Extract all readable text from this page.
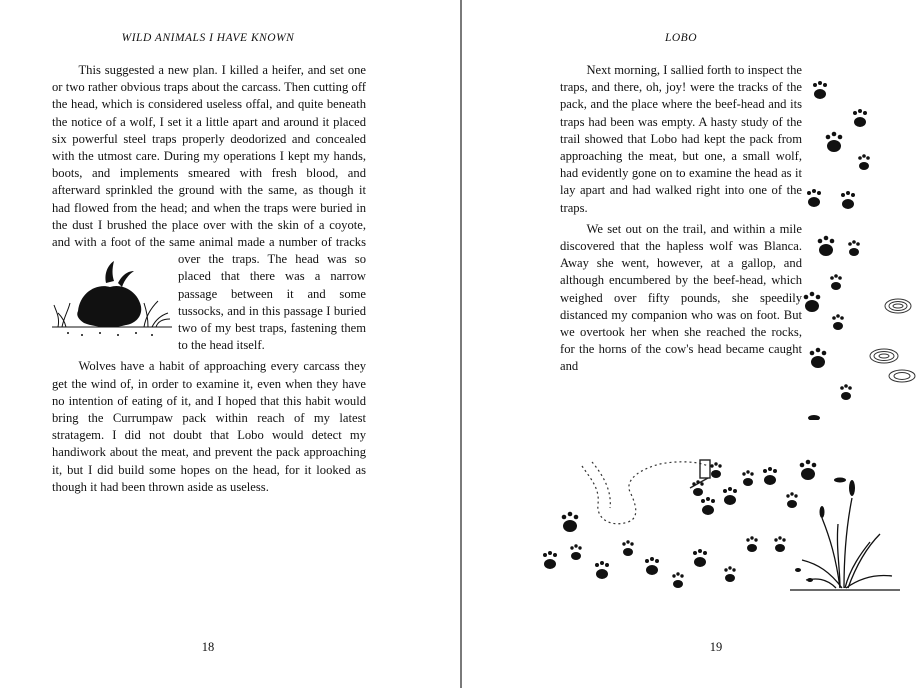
WILD ANIMALS I HAVE KNOWN

This suggested a new plan. I killed a heifer, and set one or two rather obvious traps about the carcass. Then cutting off the head, which is considered useless offal, and quite beneath the notice of a wolf, I set it a little apart and around it placed six powerful steel traps properly deodorized and concealed with the utmost care. During my operations I kept my hands, boots, and implements smeared with fresh blood, and afterward sprinkled the ground with the same, as though it had flowed from the head; and when the traps were buried in the dust I brushed the place over with the skin of a coyote, and with a foot of the same animal made a
number of tracks over the traps. The head was so placed that there was a narrow passage between it and some tussocks, and in this passage I buried two of my best traps, fastening them to the head itself.

Wolves have a habit of approaching every carcass they get the wind of, in order to examine it, even when they have no intention of eating of it, and I hoped that this habit would bring the Currumpaw pack within reach of my latest stratagem. I did not doubt that Lobo would detect my handiwork about the meat, and prevent the pack approaching it, but I did build some hopes on the head, for it looked as though it had been thrown aside as useless.

18
LOBO

Next morning, I sallied forth to inspect the traps, and there, oh, joy! were the tracks of the pack, and the place where the beef-head and its traps had been was empty. A hasty study of the trail showed that Lobo had kept the pack from approaching the meat, but one, a small wolf, had evidently gone on to examine the head as it lay apart and had walked right into one of the traps.

We set out on the trail, and within a mile discovered that the hapless wolf was Blanca. Away she went, however, at a gallop, and although encumbered by the beef-head, which weighed over fifty pounds, she speedily distanced my companion who was on foot. But we overtook her when she reached the rocks, for the horns of the cow's head became caught and

19
